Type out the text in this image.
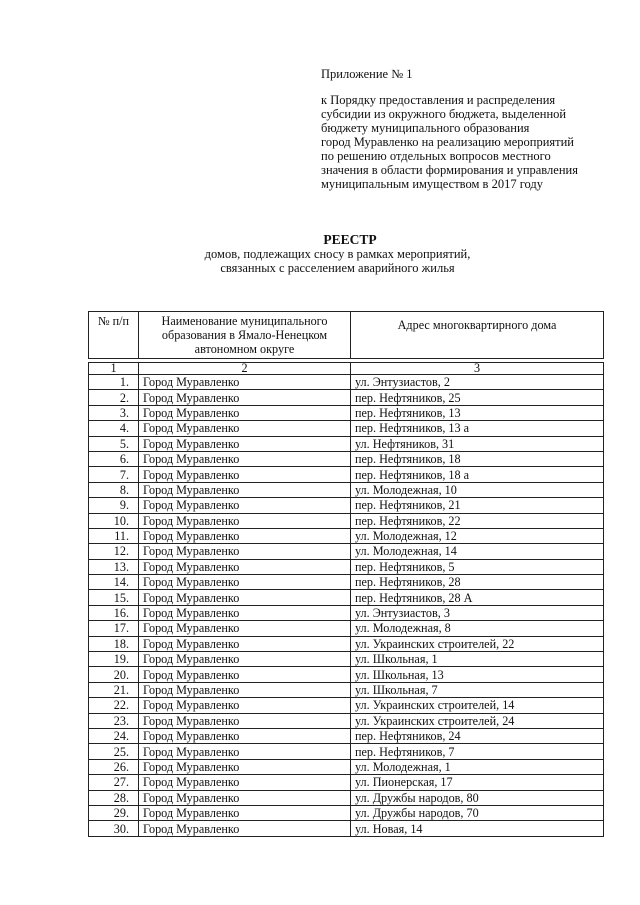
Приложение № 1
к Порядку предоставления и распределения
субсидии из окружного бюджета, выделенной
бюджету муниципального образования
город Муравленко на реализацию мероприятий
по решению отдельных вопросов местного
значения в области формирования и управления
муниципальным имуществом в 2017 году
РЕЕСТР
домов, подлежащих сносу в рамках мероприятий,
связанных с расселением аварийного жилья
№ п/п	Наименование муниципального образования в Ямало-Ненецком автономном округе	Адрес многоквартирного дома

1	2	3
1.	Город Муравленко	ул. Энтузиастов, 2
2.	Город Муравленко	пер. Нефтяников, 25
3.	Город Муравленко	пер. Нефтяников, 13
4.	Город Муравленко	пер. Нефтяников, 13 а
5.	Город Муравленко	ул. Нефтяников, 31
6.	Город Муравленко	пер. Нефтяников, 18
7.	Город Муравленко	пер. Нефтяников, 18 а
8.	Город Муравленко	ул. Молодежная, 10
9.	Город Муравленко	пер. Нефтяников, 21
10.	Город Муравленко	пер. Нефтяников, 22
11.	Город Муравленко	ул. Молодежная, 12
12.	Город Муравленко	ул. Молодежная, 14
13.	Город Муравленко	пер. Нефтяников, 5
14.	Город Муравленко	пер. Нефтяников, 28
15.	Город Муравленко	пер. Нефтяников, 28 А
16.	Город Муравленко	ул. Энтузиастов, 3
17.	Город Муравленко	ул. Молодежная, 8
18.	Город Муравленко	ул. Украинских строителей, 22
19.	Город Муравленко	ул. Школьная, 1
20.	Город Муравленко	ул. Школьная, 13
21.	Город Муравленко	ул. Школьная, 7
22.	Город Муравленко	ул. Украинских строителей, 14
23.	Город Муравленко	ул. Украинских строителей, 24
24.	Город Муравленко	пер. Нефтяников, 24
25.	Город Муравленко	пер. Нефтяников, 7
26.	Город Муравленко	ул. Молодежная, 1
27.	Город Муравленко	ул. Пионерская, 17
28.	Город Муравленко	ул. Дружбы народов, 80
29.	Город Муравленко	ул. Дружбы народов, 70
30.	Город Муравленко	ул. Новая, 14
